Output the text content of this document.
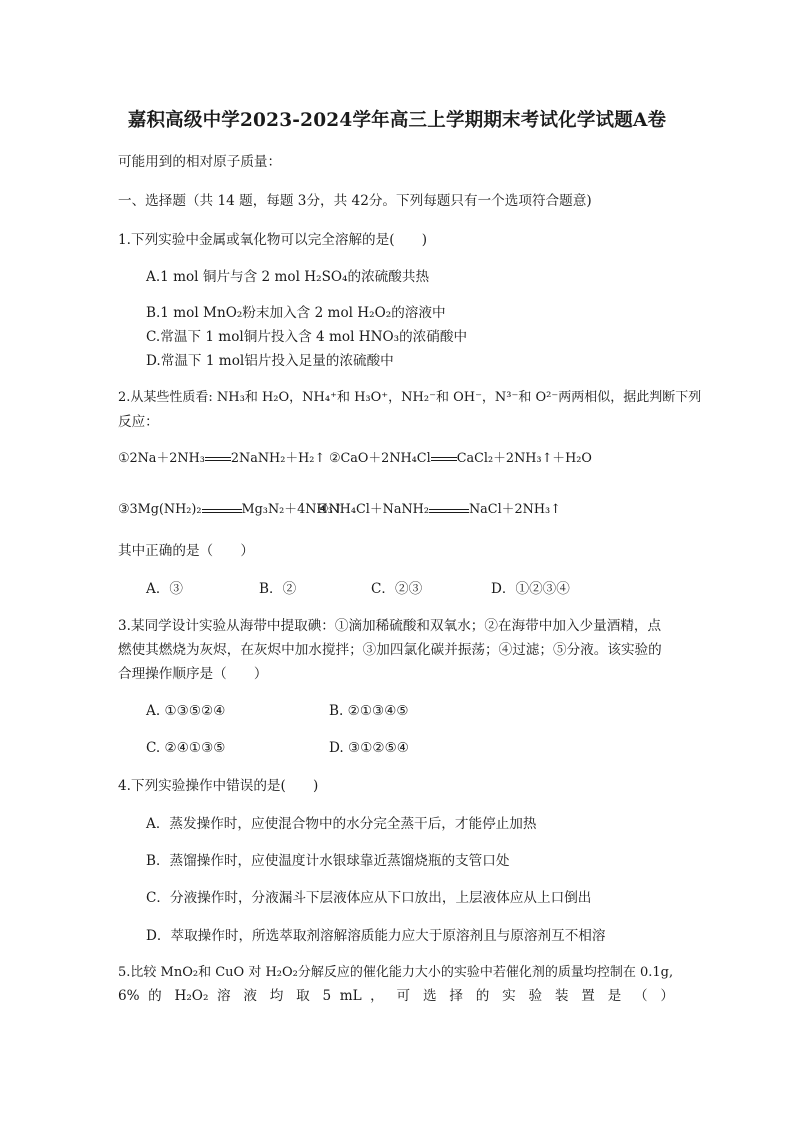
嘉积高级中学2023-2024学年高三上学期期末考试化学试题A卷
可能用到的相对原子质量：
一、选择题（共 14 题，每题 3分，共 42分。下列每题只有一个选项符合题意)
1.下列实验中金属或氧化物可以完全溶解的是(　　)
A.1 mol 铜片与含 2 mol H₂SO₄的浓硫酸共热
B.1 mol MnO₂粉末加入含 2 mol H₂O₂的溶液中
C.常温下 1 mol铜片投入含 4 mol HNO₃的浓硝酸中
D.常温下 1 mol铝片投入足量的浓硫酸中
2.从某些性质看: NH₃和 H₂O，NH₄⁺和 H₃O⁺，NH₂⁻和 OH⁻，N³⁻和 O²⁻两两相似，据此判断下列
反应：
①2Na＋2NH₃ 2NaNH₂＋H₂↑ ②CaO＋2NH₄Cl CaCl₂＋2NH₃↑＋H₂O
③3Mg(NH₂)₂	Mg₃N₂＋4NH₃↑
④NH₄Cl＋NaNH₂	NaCl＋2NH₃↑
其中正确的是（　　）
A．③	B．②	C．②③	D．①②③④
3.某同学设计实验从海带中提取碘：①滴加稀硫酸和双氧水；②在海带中加入少量酒精，点
燃使其燃烧为灰烬，在灰烬中加水搅拌；③加四氯化碳并振荡；④过滤；⑤分液。该实验的
合理操作顺序是（　　）
A. ①③⑤②④	B. ②①③④⑤
C. ②④①③⑤	D. ③①②⑤④
4.下列实验操作中错误的是(　　)
A．蒸发操作时，应使混合物中的水分完全蒸干后，才能停止加热
B．蒸馏操作时，应使温度计水银球靠近蒸馏烧瓶的支管口处
C．分液操作时，分液漏斗下层液体应从下口放出，上层液体应从上口倒出
D．萃取操作时，所选萃取剂溶解溶质能力应大于原溶剂且与原溶剂互不相溶
5.比较 MnO₂和 CuO 对 H₂O₂分解反应的催化能力大小的实验中若催化剂的质量均控制在 0.1g,
6% 的 H₂O₂ 溶 液 均 取 5 mL ， 可 选 择 的 实 验 装 置 是 （ ）
